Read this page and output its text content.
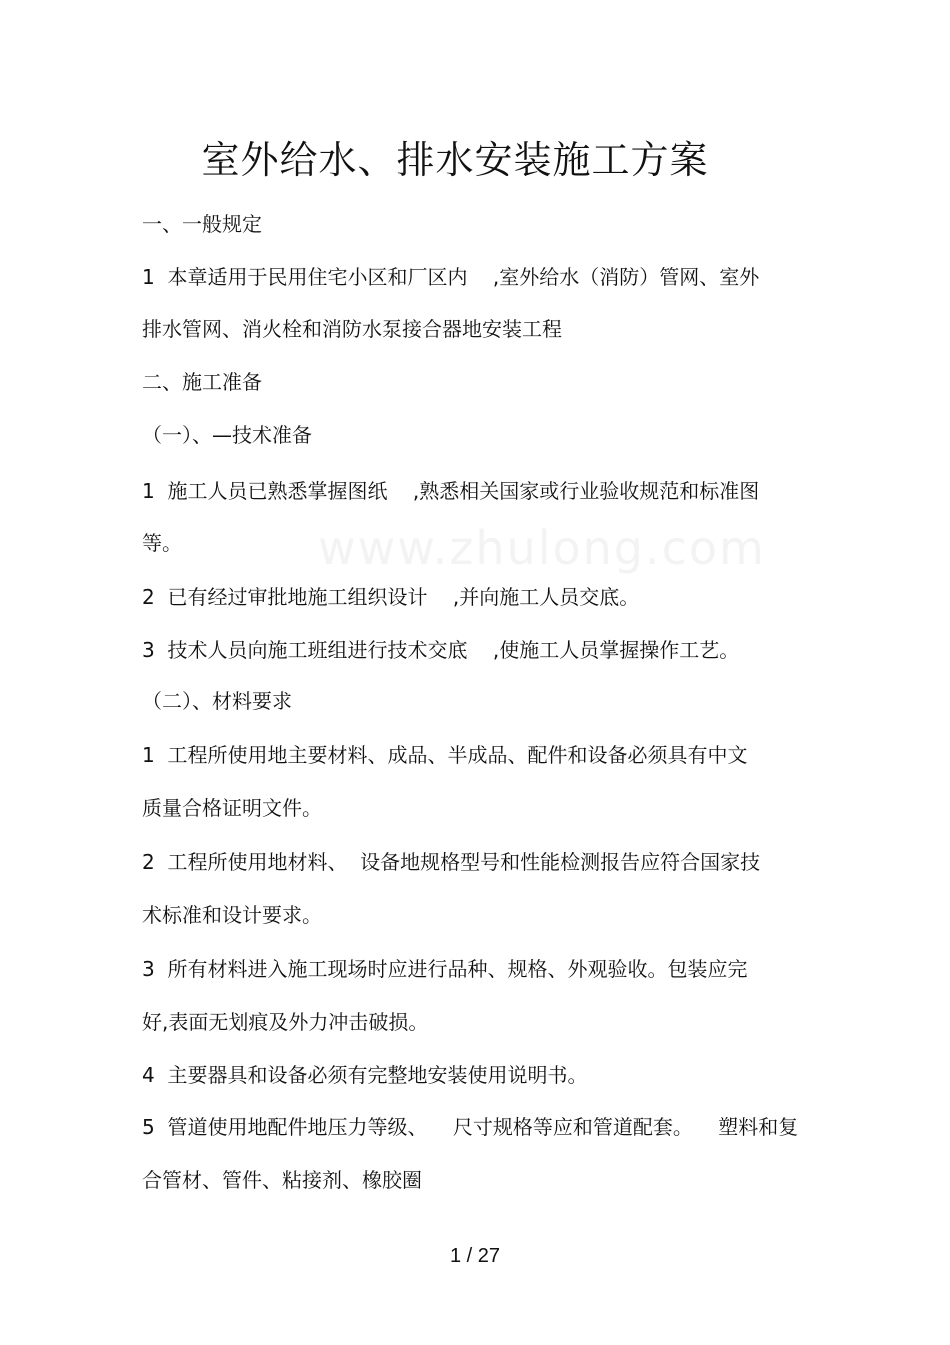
www.zhulong.com
室外给水、排水安装施工方案
一、一般规定
1  本章适用于民用住宅小区和厂区内    ,室外给水（消防）管网、室外
排水管网、消火栓和消防水泵接合器地安装工程
二、施工准备
（一）、—技术准备
1  施工人员已熟悉掌握图纸    ,熟悉相关国家或行业验收规范和标准图
等。
2  已有经过审批地施工组织设计    ,并向施工人员交底。
3  技术人员向施工班组进行技术交底    ,使施工人员掌握操作工艺。
（二）、材料要求
1  工程所使用地主要材料、成品、半成品、配件和设备必须具有中文
质量合格证明文件。
2  工程所使用地材料、  设备地规格型号和性能检测报告应符合国家技
术标准和设计要求。
3  所有材料进入施工现场时应进行品种、规格、外观验收。包装应完
好,表面无划痕及外力冲击破损。
4  主要器具和设备必须有完整地安装使用说明书。
5  管道使用地配件地压力等级、    尺寸规格等应和管道配套。    塑料和复
合管材、管件、粘接剂、橡胶圈
1 / 27
